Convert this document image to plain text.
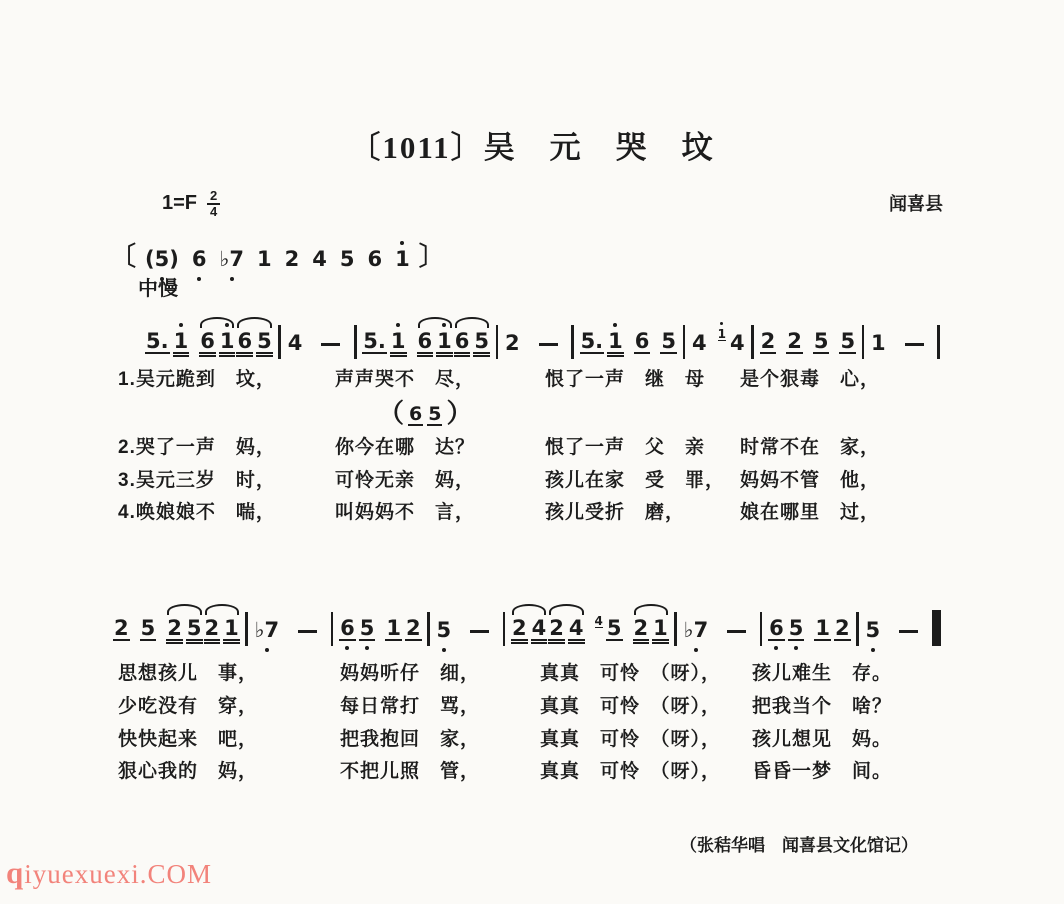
〔1011〕吴　元　哭　坟
$1=F \frac{2}{4}$	闻喜县
〔 (5) 6 ♭7 1 2 4 5 6 1 〕
中慢
5. 1 6 1 6 5 4	5. 1 6 1 6 5 2	5. 1 6 5 4 1 4 2 2 5 5 1
（ 6 5 ）
1.吴元跪到　坟，	声声哭不　尽，	恨了一声　继　母 是个狠毒　心，
2.哭了一声　妈，	你今在哪　达？	恨了一声　父　亲 时常不在　家，
3.吴元三岁　时，	可怜无亲　妈，	孩儿在家　受　罪， 妈妈不管　他，
4.唤娘娘不　喘，	叫妈妈不　言，	孩儿受折　磨，	娘在哪里　过，
2 5 2 5 2 1 ♭7	6 5 1 2 5	2 4 2 4 4 5 2 1 ♭7	6 5 1 2 5
思想孩儿　事，	妈妈听仔　细，	真真　可怜　（呀）， 孩儿难生　存。
少吃没有　穿，	每日常打　骂，	真真　可怜　（呀）， 把我当个　啥？
快快起来　吧，	把我抱回　家，	真真　可怜　（呀）， 孩儿想见　妈。
狠心我的　妈，	不把儿照　管，	真真　可怜　（呀）， 昏昏一梦　间。
（张秸华唱　闻喜县文化馆记）
qiyuexuexi.COM
